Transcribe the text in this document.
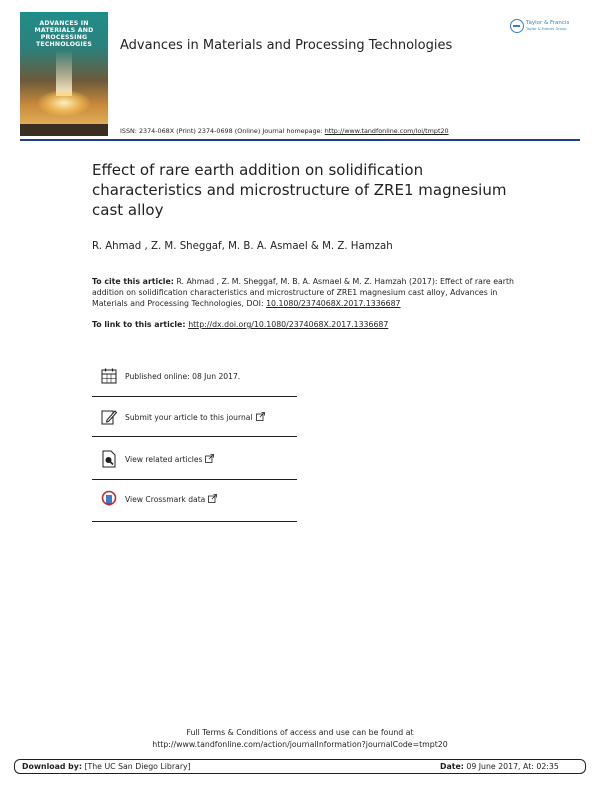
ADVANCES IN MATERIALS AND PROCESSING TECHNOLOGIES	Advances in Materials and Processing Technologies
ISSN: 2374-068X (Print) 2374-0698 (Online) Journal homepage: http://www.tandfonline.com/loi/tmpt20
Taylor & Francis
Taylor & Francis Group
Effect of rare earth addition on solidification characteristics and microstructure of ZRE1 magnesium cast alloy
R. Ahmad , Z. M. Sheggaf, M. B. A. Asmael & M. Z. Hamzah
To cite this article: R. Ahmad , Z. M. Sheggaf, M. B. A. Asmael & M. Z. Hamzah (2017): Effect of rare earth addition on solidification characteristics and microstructure of ZRE1 magnesium cast alloy, Advances in Materials and Processing Technologies, DOI: 10.1080/2374068X.2017.1336687
To link to this article: http://dx.doi.org/10.1080/2374068X.2017.1336687
Published online: 08 Jun 2017.
Submit your article to this journal
View related articles
View Crossmark data
Full Terms & Conditions of access and use can be found at
http://www.tandfonline.com/action/journalInformation?journalCode=tmpt20
Download by: [The UC San Diego Library]	Date: 09 June 2017, At: 02:35
